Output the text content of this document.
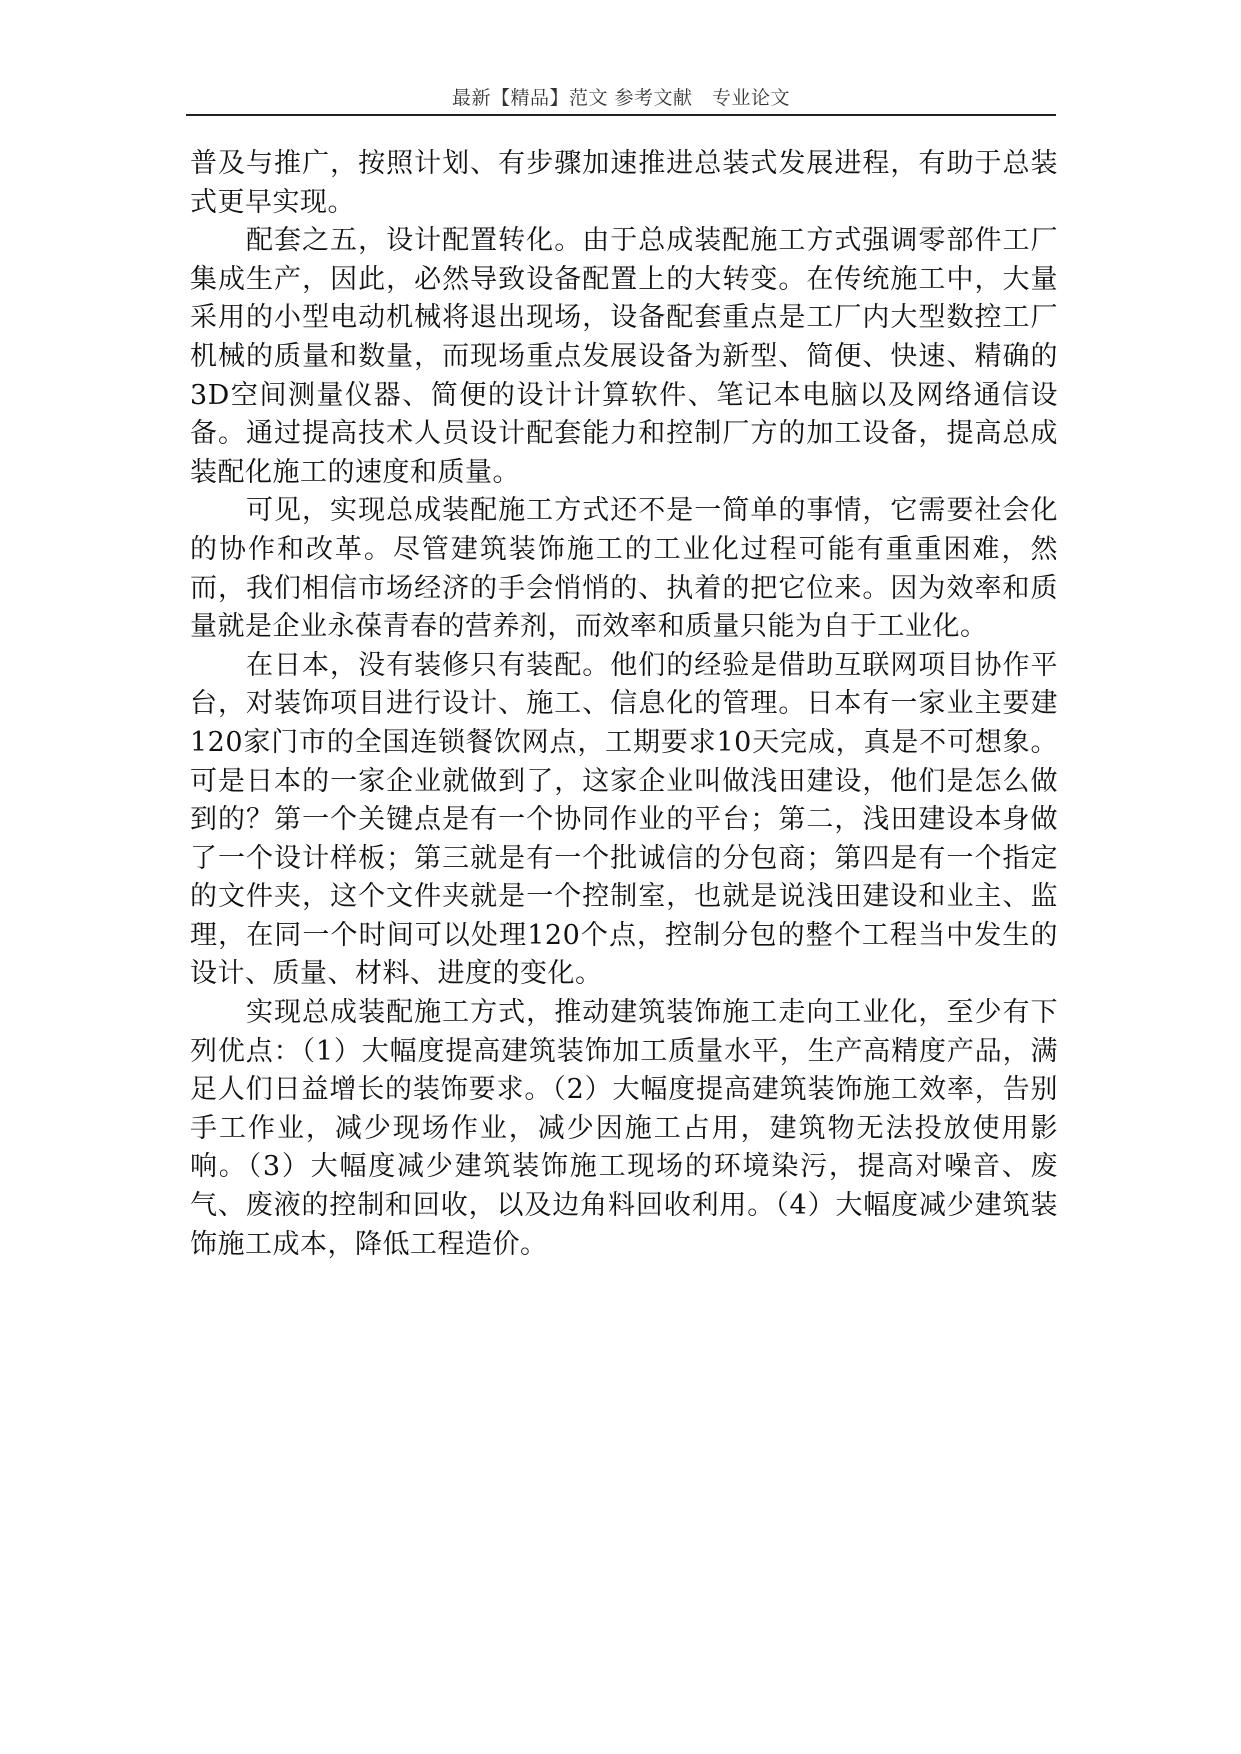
最新【精品】范文 参考文献　专业论文

普及与推广，按照计划、有步骤加速推进总装式发展进程，有助于总装式更早实现。

配套之五，设计配置转化。由于总成装配施工方式强调零部件工厂集成生产，因此，必然导致设备配置上的大转变。在传统施工中，大量采用的小型电动机械将退出现场，设备配套重点是工厂内大型数控工厂机械的质量和数量，而现场重点发展设备为新型、简便、快速、精确的3D空间测量仪器、简便的设计计算软件、笔记本电脑以及网络通信设备。通过提高技术人员设计配套能力和控制厂方的加工设备，提高总成装配化施工的速度和质量。

可见，实现总成装配施工方式还不是一简单的事情，它需要社会化的协作和改革。尽管建筑装饰施工的工业化过程可能有重重困难，然而，我们相信市场经济的手会悄悄的、执着的把它位来。因为效率和质量就是企业永葆青春的营养剂，而效率和质量只能为自于工业化。

在日本，没有装修只有装配。他们的经验是借助互联网项目协作平台，对装饰项目进行设计、施工、信息化的管理。日本有一家业主要建120家门市的全国连锁餐饮网点，工期要求10天完成，真是不可想象。可是日本的一家企业就做到了，这家企业叫做浅田建设，他们是怎么做到的？第一个关键点是有一个协同作业的平台；第二，浅田建设本身做了一个设计样板；第三就是有一个批诚信的分包商；第四是有一个指定的文件夹，这个文件夹就是一个控制室，也就是说浅田建设和业主、监理，在同一个时间可以处理120个点，控制分包的整个工程当中发生的设计、质量、材料、进度的变化。

实现总成装配施工方式，推动建筑装饰施工走向工业化，至少有下列优点：（1）大幅度提高建筑装饰加工质量水平，生产高精度产品，满足人们日益增长的装饰要求。（2）大幅度提高建筑装饰施工效率，告别手工作业，减少现场作业，减少因施工占用，建筑物无法投放使用影响。（3）大幅度减少建筑装饰施工现场的环境染污，提高对噪音、废气、废液的控制和回收，以及边角料回收利用。（4）大幅度减少建筑装饰施工成本，降低工程造价。
